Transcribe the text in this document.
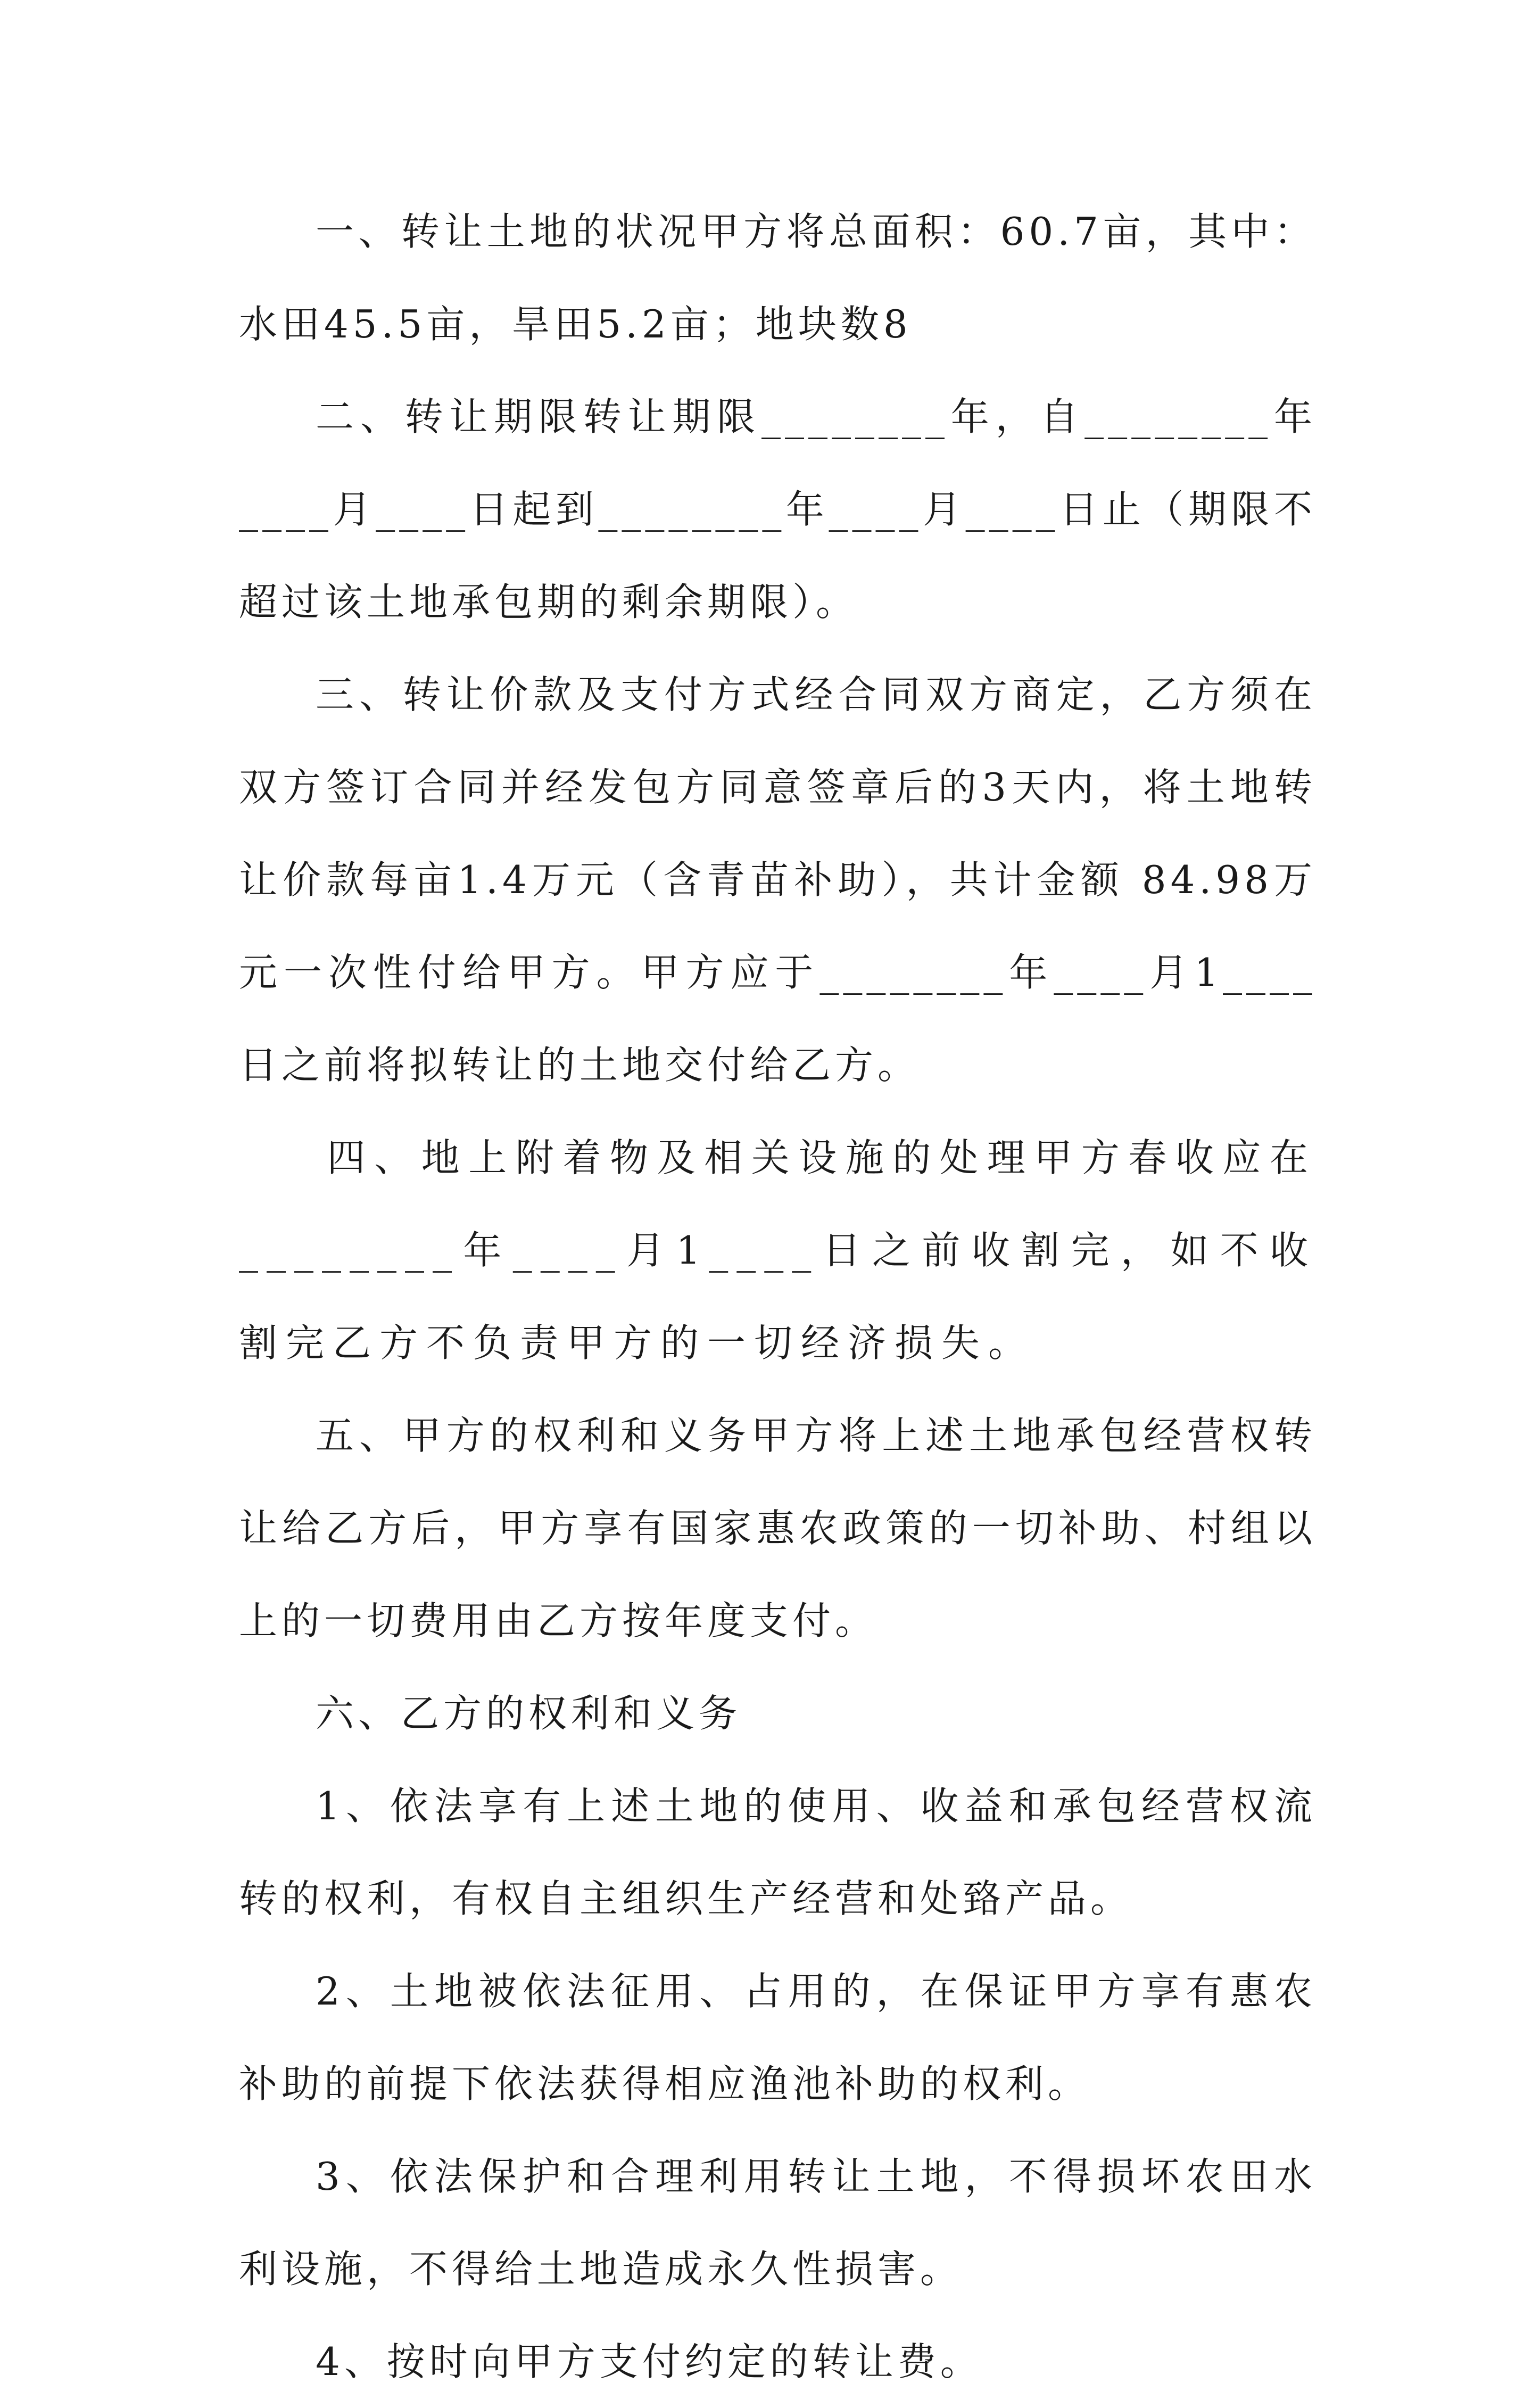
一、转让土地的状况甲方将总面积：60.7亩，其中：水田45.5亩，旱田5.2亩；地块数8

二、转让期限转让期限________年，自________年____月____日起到________年____月____日止（期限不超过该土地承包期的剩余期限）。

三、转让价款及支付方式经合同双方商定，乙方须在双方签订合同并经发包方同意签章后的3天内，将土地转让价款每亩1.4万元（含青苗补助），共计金额 84.98万元一次性付给甲方。甲方应于________年____月1____日之前将拟转让的土地交付给乙方。

四、地上附着物及相关设施的处理甲方春收应在________年____月1____日之前收割完，如不收割完乙方不负责甲方的一切经济损失。

五、甲方的权利和义务甲方将上述土地承包经营权转让给乙方后，甲方享有国家惠农政策的一切补助、村组以上的一切费用由乙方按年度支付。

六、乙方的权利和义务

1、依法享有上述土地的使用、收益和承包经营权流转的权利，有权自主组织生产经营和处臵产品。

2、土地被依法征用、占用的，在保证甲方享有惠农补助的前提下依法获得相应渔池补助的权利。

3、依法保护和合理利用转让土地，不得损坏农田水利设施，不得给土地造成永久性损害。

4、按时向甲方支付约定的转让费。
